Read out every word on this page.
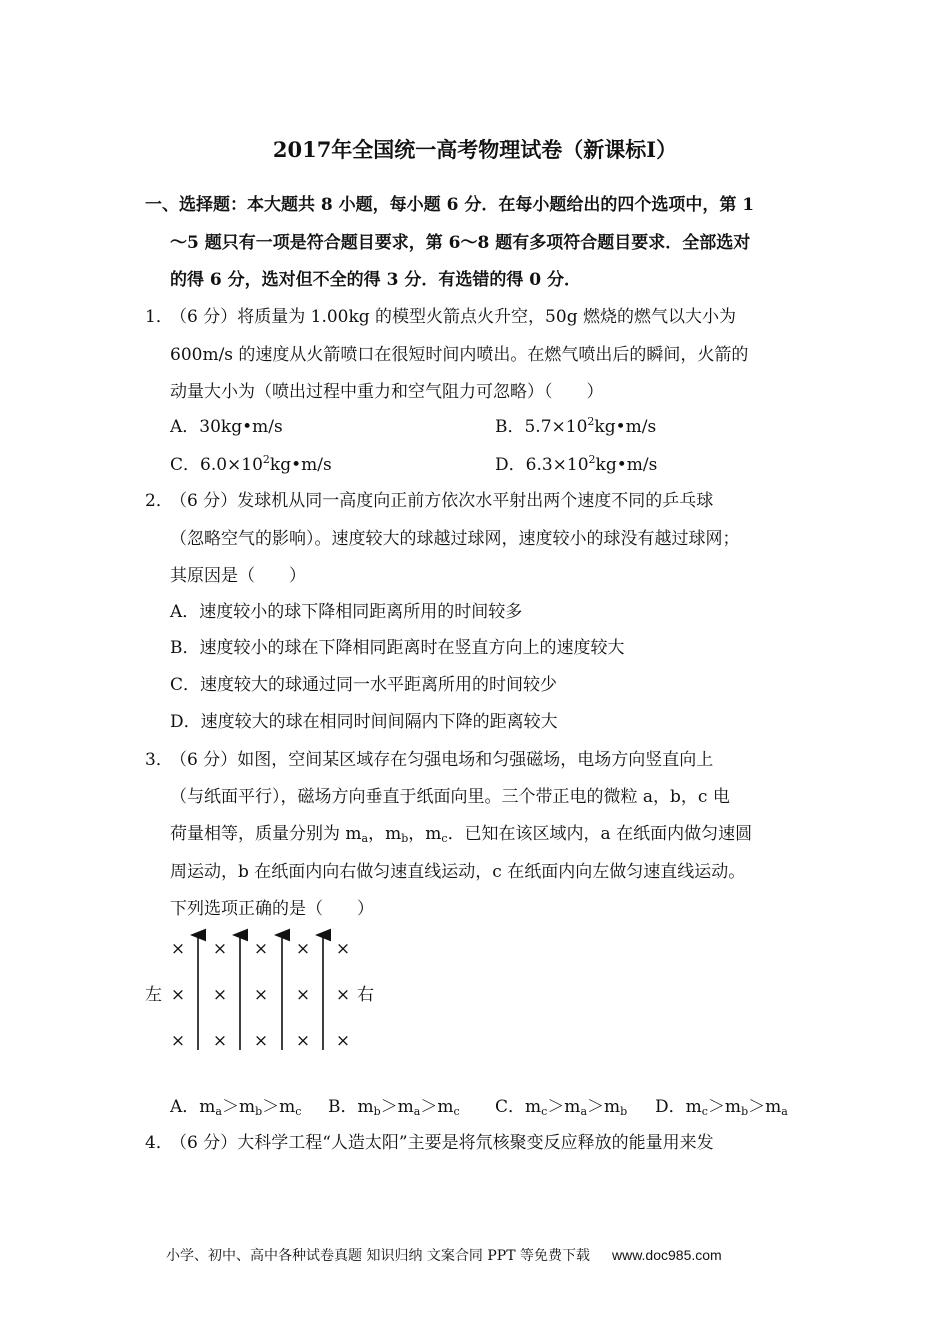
2017年全国统一高考物理试卷（新课标Ⅰ）
一、选择题：本大题共 8 小题，每小题 6 分．在每小题给出的四个选项中，第 1
～5 题只有一项是符合题目要求，第 6～8 题有多项符合题目要求．全部选对
的得 6 分，选对但不全的得 3 分．有选错的得 0 分．
1．
（6 分）将质量为 1.00kg 的模型火箭点火升空，50g 燃烧的燃气以大小为
600m/s 的速度从火箭喷口在很短时间内喷出。在燃气喷出后的瞬间，火箭的
动量大小为（喷出过程中重力和空气阻力可忽略）（　　）
A．30kg•m/s	B．$5.7\times 10^2kg•m/s$
C．$6.0\times 10^2kg•m/s$	D．$6.3\times 10^2kg•m/s$
2．
（6 分）发球机从同一高度向正前方依次水平射出两个速度不同的乒乓球
（忽略空气的影响）。速度较大的球越过球网，速度较小的球没有越过球网；
其原因是（　　）
A．速度较小的球下降相同距离所用的时间较多
B．速度较小的球在下降相同距离时在竖直方向上的速度较大
C．速度较大的球通过同一水平距离所用的时间较少
D．速度较大的球在相同时间间隔内下降的距离较大
3．
（6 分）如图，空间某区域存在匀强电场和匀强磁场，电场方向竖直向上
（与纸面平行），磁场方向垂直于纸面向里。三个带正电的微粒 a，b，c 电
荷量相等，质量分别为 $m_a$，$m_b$，$m_c$．已知在该区域内，a 在纸面内做匀速圆
周运动，b 在纸面内向右做匀速直线运动，c 在纸面内向左做匀速直线运动。
下列选项正确的是（　　）
× × × × ×
× × × × ×
× × × × ×
左	右
A．$m_a>m_b>m_c$ B．$m_b>m_a>m_c$ C．$m_c>m_a>m_b$ D．$m_c>m_b>m_a$
4．
（6 分）大科学工程“人造太阳”主要是将氘核聚变反应释放的能量用来发
小学、初中、高中各种试卷真题 知识归纳 文案合同 PPT 等免费下载 www.doc985.com
